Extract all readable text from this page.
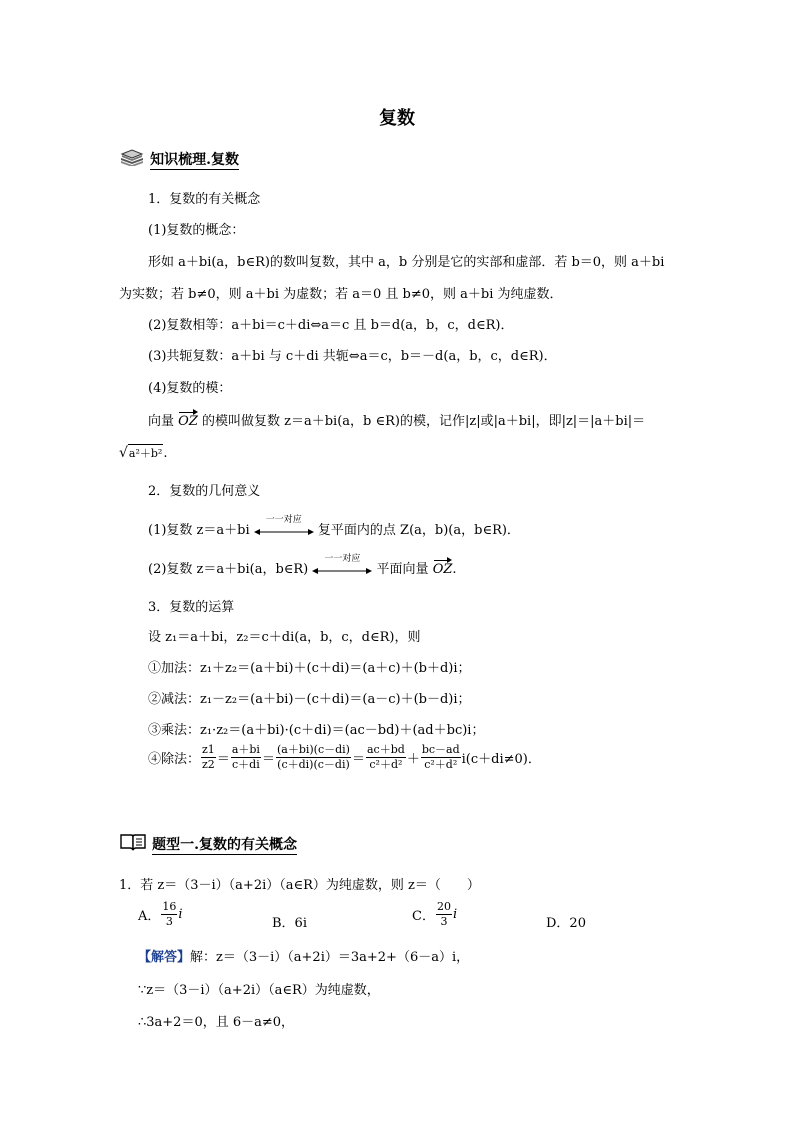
复数
知识梳理.复数
1．复数的有关概念
(1)复数的概念：
形如 a＋bi(a，b∈R)的数叫复数，其中 a，b 分别是它的实部和虚部．若 b＝0，则 a＋bi
为实数；若 b≠0，则 a＋bi 为虚数；若 a＝0 且 b≠0，则 a＋bi 为纯虚数．
(2)复数相等：a＋bi＝c＋di⇔a＝c 且 b＝d(a，b，c，d∈R)．
(3)共轭复数：a＋bi 与 c＋di 共轭⇔a＝c，b＝－d(a，b，c，d∈R)．
(4)复数的模：
向量 OZ 的模叫做复数 z＝a＋bi(a，b ∈R)的模，记作|z|或|a＋bi|，即|z|＝|a＋bi|＝
√a²＋b².
2．复数的几何意义
(1)复数 z＝a＋bi
一一对应
复平面内的点 Z(a，b)(a，b∈R)．
(2)复数 z＝a＋bi(a，b∈R)
一一对应
平面向量 OZ.
3．复数的运算
设 z₁＝a＋bi，z₂＝c＋di(a，b，c，d∈R)，则
①加法：z₁＋z₂＝(a＋bi)＋(c＋di)＝(a＋c)＋(b＋d)i；
②减法：z₁－z₂＝(a＋bi)－(c＋di)＝(a－c)＋(b－d)i；
③乘法：z₁·z₂＝(a＋bi)·(c＋di)＝(ac－bd)＋(ad＋bc)i；
④除法： $\frac{z1}{z2} = \frac{a+bi}{c+di} = \frac{(a+bi)(c-di)}{(c+di)(c-di)} = \frac{ac+bd}{\text{c²＋d²}} + \frac{bc-ad}{\text{c²＋d²}} i(c+di\ne 0)$．
题型一.复数的有关概念
1．若 z＝（3－i）（a+2i）（a∈R）为纯虚数，则 z＝（　　）
A． $\frac{16}{3}$ i
B．6i	C． $\frac{20}{3}$ i
D．20
【解答】解：z＝（3－i）（a+2i）＝3a+2+（6－a）i，
∵z＝（3－i）（a+2i）（a∈R）为纯虚数，
∴3a+2＝0，且 6－a≠0，
